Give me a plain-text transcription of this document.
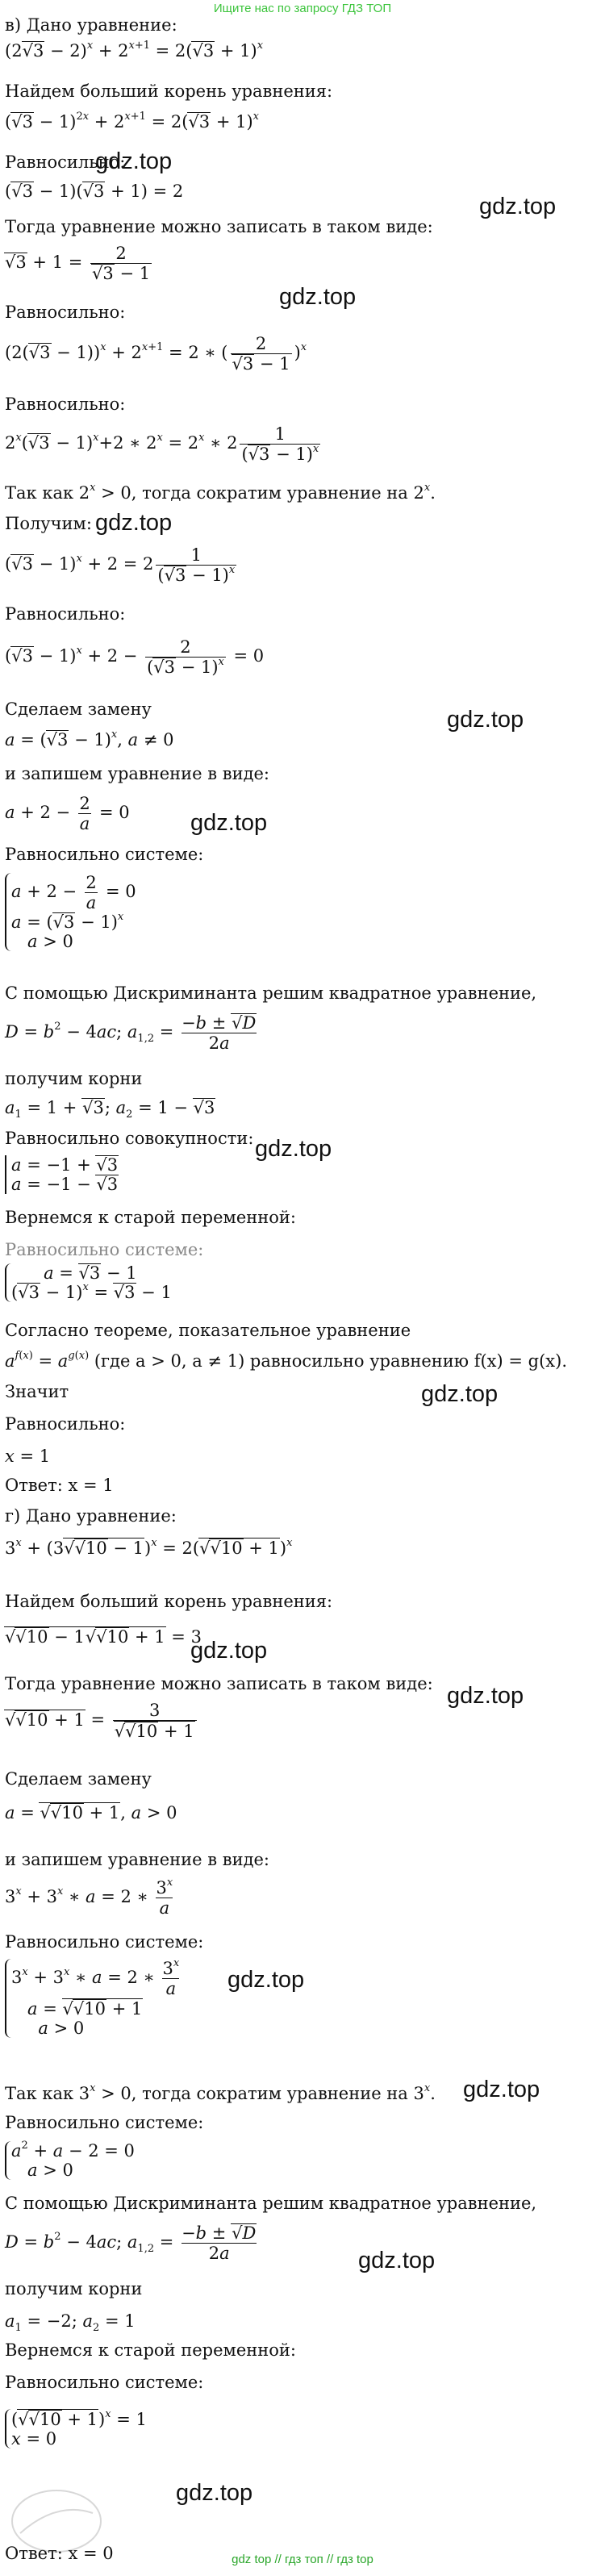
Ищите нас по запросу ГДЗ ТОП
в) Дано уравнение:
$(2√3 - 2)^x + 2^{x+1} = 2(√3 + 1)^x$
Найдем больший корень уравнения:
$(√3 - 1)^{2x} + 2^{x+1} = 2(√3 + 1)^x$
Равносильно:
(√3 − 1)(√3 + 1) = 2
Тогда уравнение можно записать в таком виде:
$√3 + 1 = \frac{2}{√3 - 1}$
Равносильно:
$(2(√3 - 1))^x + 2^{x+1} = 2$ ∗ ( $\frac{2}{√3 - 1} )^x$
Равносильно:
$2^x(√3 - 1)^x+2$ ∗ $2^x = 2^x$ ∗ $2 \frac{1}{(√3 - 1)^x}$
Так как $2^x > 0$, тогда сократим уравнение на 2$^x$.
Получим:
$(√3 - 1)^x + 2 = 2 \frac{1}{(√3 - 1)^x}$
Равносильно:
$(√3 - 1)^x + 2 - \frac{2}{(√3 - 1)^x} = 0$
Сделаем замену
$a = (√3 - 1)^x$, a ≠ 0
и запишем уравнение в виде:
$a + 2 - \frac{2}{a} = 0$
Равносильно системе:
$a + 2 - \frac{2}{a} = 0$
$a = (√3 - 1)^x$
a > 0
С помощью Дискриминанта решим квадратное уравнение,
$D = b^2 - 4ac$; $a_{1,2} = \frac{-b \pm √D}{2a}$
получим корни
$a_1 = 1 + √3$; $a_2 = 1 - √3$
Равносильно совокупности:
a = −1 + √3
a = −1 − √3
Вернемся к старой переменной:
Равносильно системе:
a = √3 − 1
$(√3 - 1)^x = √3 - 1$
Согласно теореме, показательное уравнение
$a^{f(x)} = a^{g(x)}$ (где a > 0, a ≠ 1) равносильно уравнению f(x) = g(x).
Значит
Равносильно:
x = 1
Ответ: x = 1
г) Дано уравнение:
$3^x + (3√√10 - 1)^x = 2(√√10 + 1)^x$
Найдем больший корень уравнения:
√√10 − 1√√10 + 1 = 3
Тогда уравнение можно записать в таком виде:
$√√10 + 1 = \frac{3}{√√10 + 1}$
Сделаем замену
a = √√10 + 1, a > 0
и запишем уравнение в виде:
$3^x + 3^x$ ∗ a = 2 ∗ $\frac{3^x}{a}$
Равносильно системе:
$3^x + 3^x$ ∗ a = 2 ∗ $\frac{3^x}{a}$
a = √√10 + 1
a > 0
Так как $3^x > 0$, тогда сократим уравнение на 3$^x$.
Равносильно системе:
$a^2 + a - 2 = 0$
a > 0
С помощью Дискриминанта решим квадратное уравнение,
$D = b^2 - 4ac$; $a_{1,2} = \frac{-b \pm √D}{2a}$
получим корни
$a_1 = -2$; $a_2 = 1$
Вернемся к старой переменной:
Равносильно системе:
$(√√10 + 1)^x = 1$
x = 0
Ответ: x = 0
gdz.top
gdz.top
gdz.top
gdz.top
gdz.top
gdz.top
gdz.top
gdz.top
gdz.top
gdz.top
gdz.top
gdz.top
gdz.top
gdz.top
gdz top // гдз топ // гдз top
